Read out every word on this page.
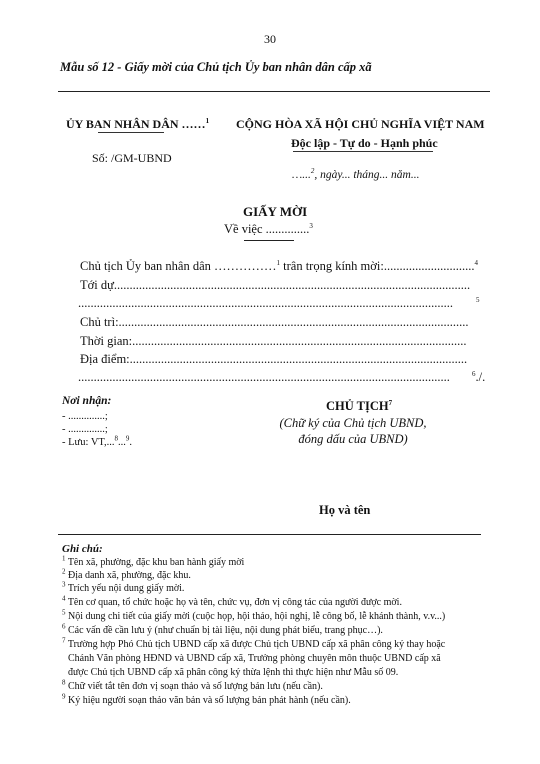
30
Mẫu số 12 - Giấy mời của Chủ tịch Ủy ban nhân dân cấp xã
ỦY BAN NHÂN DÂN ……$^1$
Số: /GM-UBND
CỘNG HÒA XÃ HỘI CHỦ NGHĨA VIỆT NAM
Độc lập - Tự do - Hạnh phúc
…...$^2$, ngày... tháng... năm...
GIẤY MỜI
Về việc ..............$^3$
Chủ tịch Ủy ban nhân dân ……………$^1$ trân trọng kính mời:.............................$^4$
Tới dự..................................................................................................................
........................................................................................................................	$^5$
Chủ trì:................................................................................................................
Thời gian:...........................................................................................................
Địa điểm:............................................................................................................
.......................................................................................................................	$^6$./.
Nơi nhận:
- ..............;
- ..............;
- Lưu: VT,...$^8$...$^9$.
CHỦ TỊCH$^7$
(Chữ ký của Chủ tịch UBND,
đóng dấu của UBND)
Họ và tên
Ghi chú:
$^1$ Tên xã, phường, đặc khu ban hành giấy mời
$^2$ Địa danh xã, phường, đặc khu.
$^3$ Trích yếu nội dung giấy mời.
$^4$ Tên cơ quan, tổ chức hoặc họ và tên, chức vụ, đơn vị công tác của người được mời.
$^5$ Nội dung chi tiết của giấy mời (cuộc họp, hội thảo, hội nghị, lễ công bố, lễ khánh thành, v.v...)
$^6$ Các vấn đề cần lưu ý (như chuẩn bị tài liệu, nội dung phát biểu, trang phục…).
$^7$ Trường hợp Phó Chủ tịch UBND cấp xã được Chủ tịch UBND cấp xã phân công ký thay hoặc
Chánh Văn phòng HĐND và UBND cấp xã, Trưởng phòng chuyên môn thuộc UBND cấp xã
được Chủ tịch UBND cấp xã phân công ký thừa lệnh thì thực hiện như Mẫu số 09.
$^8$ Chữ viết tắt tên đơn vị soạn thảo và số lượng bản lưu (nếu cần).
$^9$ Ký hiệu người soạn thảo văn bản và số lượng bản phát hành (nếu cần).
